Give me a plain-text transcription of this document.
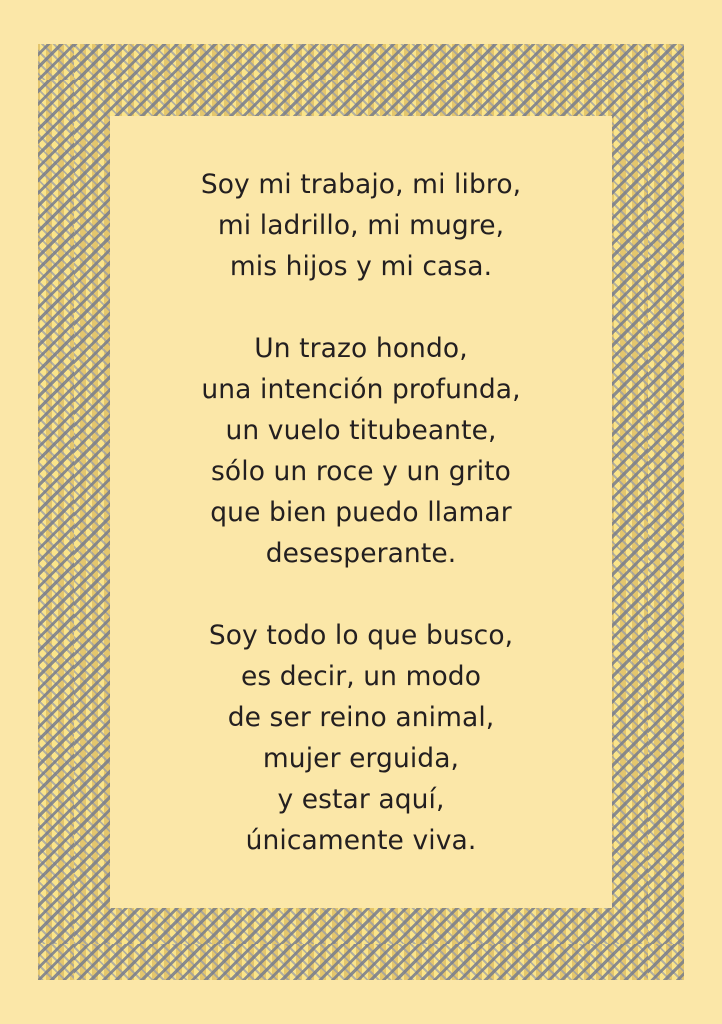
Soy mi trabajo, mi libro,
mi ladrillo, mi mugre,
mis hijos y mi casa.

Un trazo hondo,
una intención profunda,
un vuelo titubeante,
sólo un roce y un grito
que bien puedo llamar
desesperante.

Soy todo lo que busco,
es decir, un modo
de ser reino animal,
mujer erguida,
y estar aquí,
únicamente viva.
